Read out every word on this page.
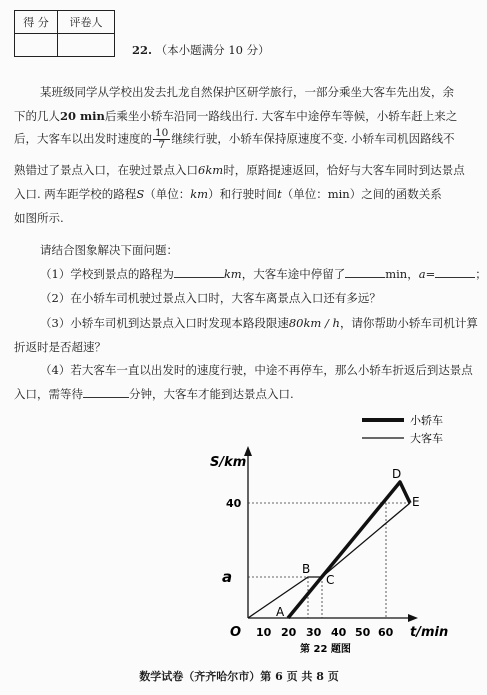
得 分	评卷人

22. （本小题满分 10 分）
某班级同学从学校出发去扎龙自然保护区研学旅行，一部分乘坐大客车先出发，余
下的几人20 min后乘坐小轿车沿同一路线出行. 大客车中途停车等候，小轿车赶上来之
后，大客车以出发时速度的 $\frac{10}{7}$ 继续行驶，小轿车保持原速度不变. 小轿车司机因路线不
熟错过了景点入口，在驶过景点入口6km时，原路提速返回，恰好与大客车同时到达景点
入口. 两车距学校的路程S（单位：km）和行驶时间t（单位：min）之间的函数关系
如图所示.
请结合图象解决下面问题：
（1）学校到景点的路程为	km，大客车途中停留了	min，a=	；
（2）在小轿车司机驶过景点入口时，大客车离景点入口还有多远？
（3）小轿车司机到达景点入口时发现本路段限速80km / h，请你帮助小轿车司机计算
折返时是否超速？
（4）若大客车一直以出发时的速度行驶，中途不再停车，那么小轿车折返后到达景点
入口，需等待	分钟，大客车才能到达景点入口.
小轿车
大客车
S/km
t/min
O
40
a
10 20 30 40 50 60
A
B
C
D
E
第 22 题图
数学试卷（齐齐哈尔市）第 6 页 共 8 页
